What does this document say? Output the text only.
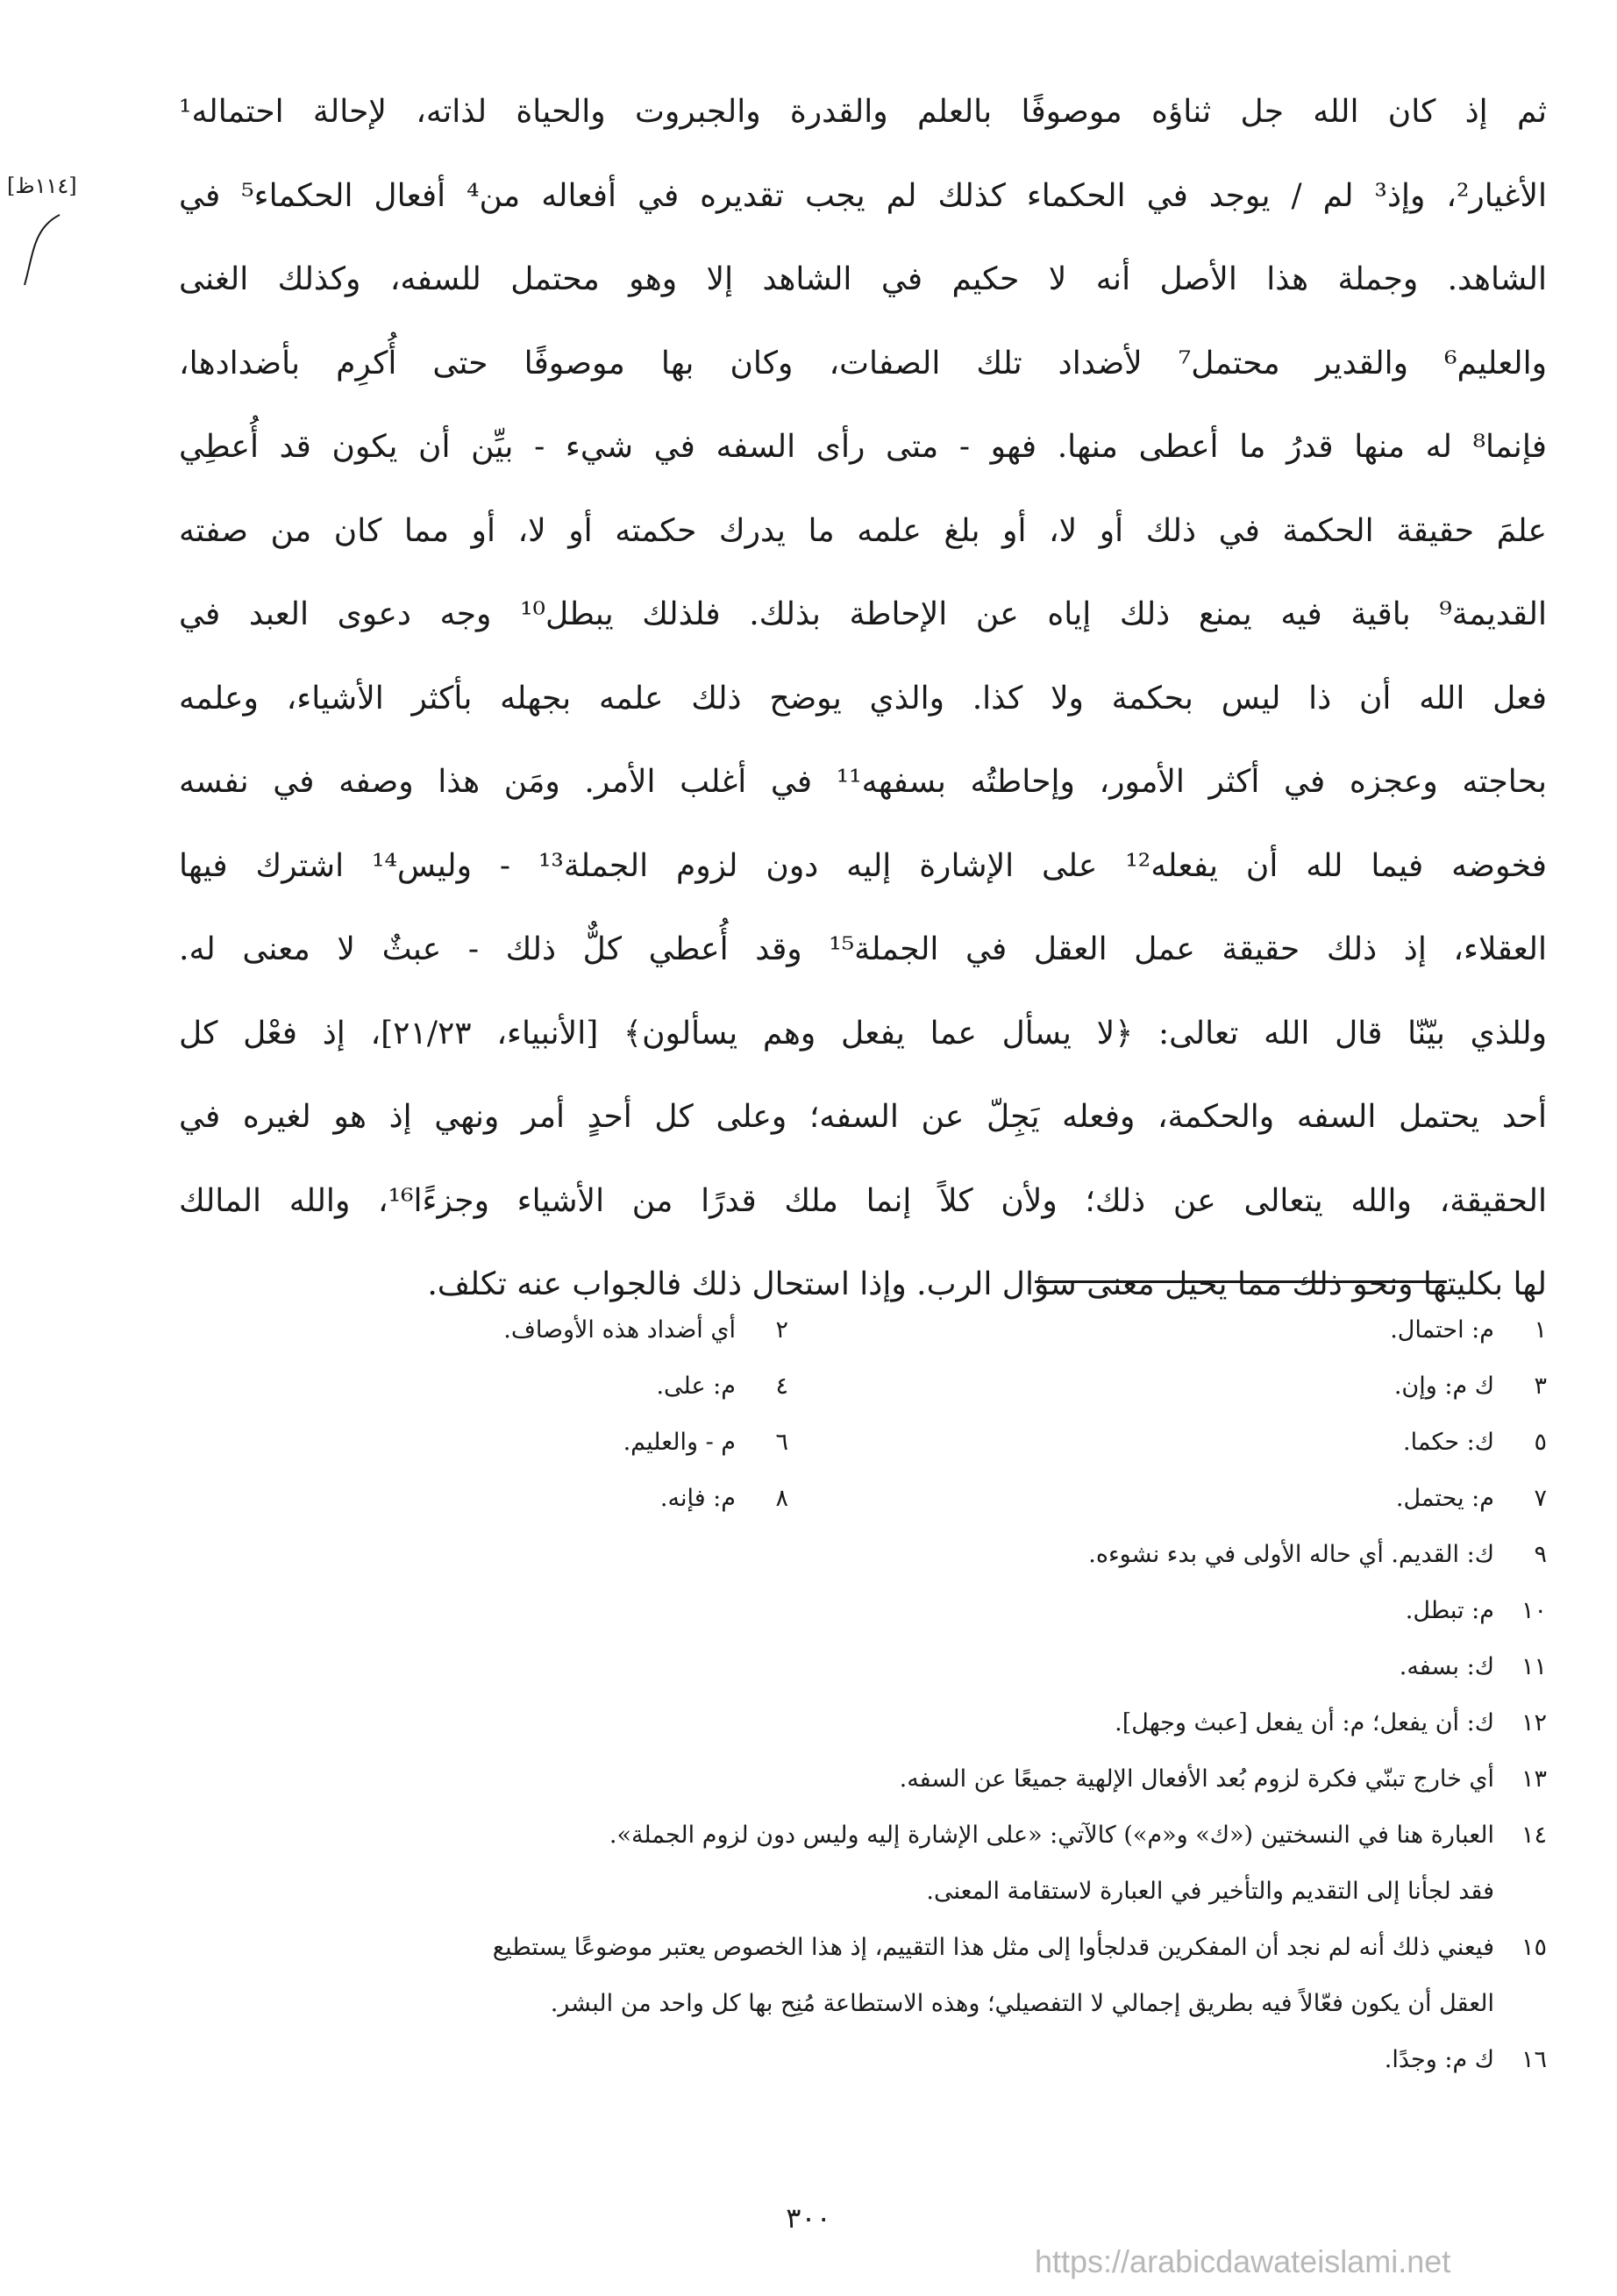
[١١٤ظ]
ثم إذ كان الله جل ثناؤه موصوفًا بالعلم والقدرة والجبروت والحياة لذاته، لإحالة احتماله¹
الأغيار²، وإذ³ لم / يوجد في الحكماء كذلك لم يجب تقديره في أفعاله من⁴ أفعال الحكماء⁵ في
الشاهد. وجملة هذا الأصل أنه لا حكيم في الشاهد إلا وهو محتمل للسفه، وكذلك الغنى
والعليم⁶ والقدير محتمل⁷ لأضداد تلك الصفات، وكان بها موصوفًا حتى أُكرِم بأضدادها،
فإنما⁸ له منها قدرُ ما أعطى منها. فهو - متى رأى السفه في شيء - بيِّن أن يكون قد أُعطِي
علمَ حقيقة الحكمة في ذلك أو لا، أو بلغ علمه ما يدرك حكمته أو لا، أو مما كان من صفته
القديمة⁹ باقية فيه يمنع ذلك إياه عن الإحاطة بذلك. فلذلك يبطل¹⁰ وجه دعوى العبد في
فعل الله أن ذا ليس بحكمة ولا كذا. والذي يوضح ذلك علمه بجهله بأكثر الأشياء، وعلمه
بحاجته وعجزه في أكثر الأمور، وإحاطتُه بسفهه¹¹ في أغلب الأمر. ومَن هذا وصفه في نفسه
فخوضه فيما لله أن يفعله¹² على الإشارة إليه دون لزوم الجملة¹³ - وليس¹⁴ اشترك فيها
العقلاء، إذ ذلك حقيقة عمل العقل في الجملة¹⁵ وقد أُعطي كلٌّ ذلك - عبثٌ لا معنى له.
وللذي بيّنّا قال الله تعالى: ﴿لا يسأل عما يفعل وهم يسألون﴾ [الأنبياء، ٢١/٢٣]، إذ فعْل كل
أحد يحتمل السفه والحكمة، وفعله يَجِلّ عن السفه؛ وعلى كل أحدٍ أمر ونهي إذ هو لغيره في
الحقيقة، والله يتعالى عن ذلك؛ ولأن كلاً إنما ملك قدرًا من الأشياء وجزءًا¹⁶، والله المالك
لها بكليتها ونحو ذلك مما يحيل معنى سؤال الرب. وإذا استحال ذلك فالجواب عنه تكلف.
١م: احتمال.
٢أي أضداد هذه الأوصاف.
٣ك م: وإن.
٤م: على.
٥ك: حكما.
٦م - والعليم.
٧م: يحتمل.
٨م: فإنه.
٩ك: القديم. أي حاله الأولى في بدء نشوءه.
١٠م: تبطل.
١١ك: بسفه.
١٢ك: أن يفعل؛ م: أن يفعل [عبث وجهل].
١٣أي خارج تبنّي فكرة لزوم بُعد الأفعال الإلهية جميعًا عن السفه.
١٤العبارة هنا في النسختين («ك» و«م») كالآتي: «على الإشارة إليه وليس دون لزوم الجملة».
فقد لجأنا إلى التقديم والتأخير في العبارة لاستقامة المعنى.
١٥فيعني ذلك أنه لم نجد أن المفكرين قدلجأوا إلى مثل هذا التقييم، إذ هذا الخصوص يعتبر موضوعًا يستطيع
العقل أن يكون فعّالاً فيه بطريق إجمالي لا التفصيلي؛ وهذه الاستطاعة مُنِح بها كل واحد من البشر.
١٦ك م: وجدًا.
٣٠٠
https://arabicdawateislami.net
